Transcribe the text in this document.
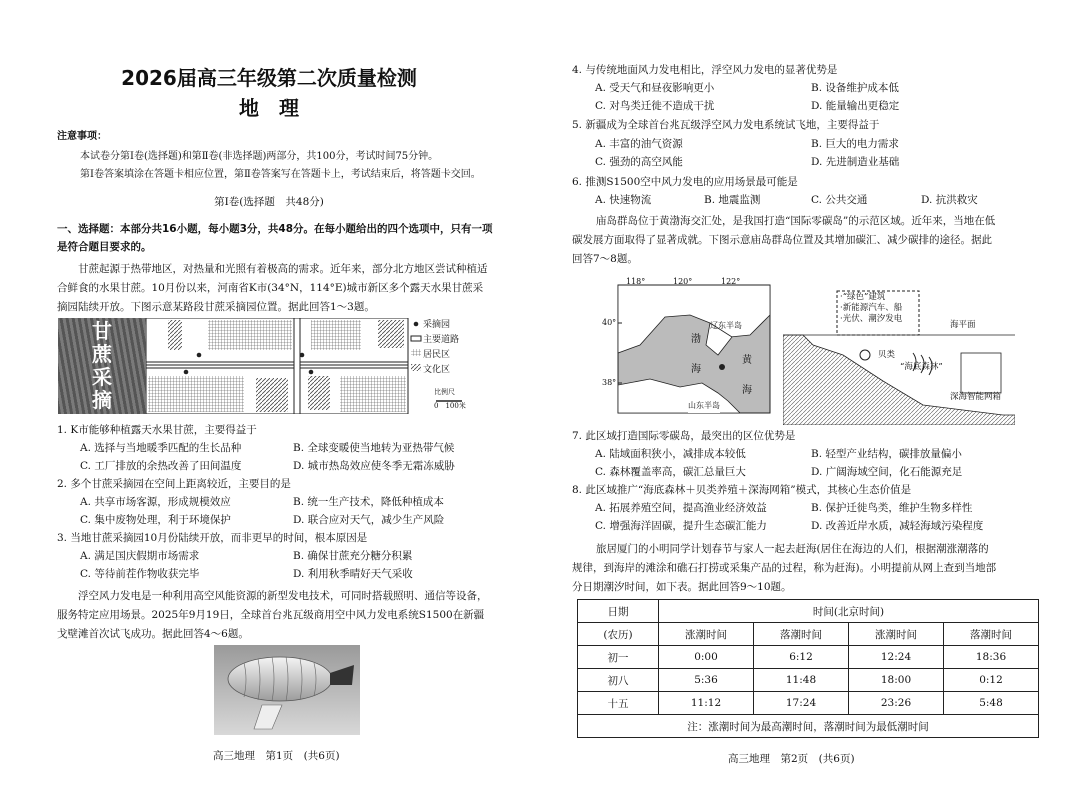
2026届高三年级第二次质量检测
地　理
注意事项：
本试卷分第Ⅰ卷(选择题)和第Ⅱ卷(非选择题)两部分，共100分，考试时间75分钟。
第Ⅰ卷答案填涂在答题卡相应位置，第Ⅱ卷答案写在答题卡上，考试结束后，将答题卡交回。
第Ⅰ卷(选择题　共48分)
一、选择题：本部分共16小题，每小题3分，共48分。在每小题给出的四个选项中，只有一项
是符合题目要求的。
甘蔗起源于热带地区，对热量和光照有着极高的需求。近年来，部分北方地区尝试种植适
合鲜食的水果甘蔗。10月份以来，河南省K市(34°N，114°E)城市新区多个露天水果甘蔗采
摘园陆续开放。下图示意某路段甘蔗采摘园位置。据此回答1～3题。
甘
蔗
采
摘
采摘园
主要道路
居民区
文化区
比例尺
0　100米
1. K市能够种植露天水果甘蔗，主要得益于
A. 选择与当地暖季匹配的生长品种	B. 全球变暖使当地转为亚热带气候
C. 工厂排放的余热改善了田间温度	D. 城市热岛效应使冬季无霜冻威胁
2. 多个甘蔗采摘园在空间上距离较近，主要目的是
A. 共享市场客源，形成规模效应	B. 统一生产技术，降低种植成本
C. 集中废物处理，利于环境保护	D. 联合应对天气，减少生产风险
3. 当地甘蔗采摘园10月份陆续开放，而非更早的时间，根本原因是
A. 满足国庆假期市场需求	B. 确保甘蔗充分糖分积累
C. 等待前茬作物收获完毕	D. 利用秋季晴好天气采收
浮空风力发电是一种利用高空风能资源的新型发电技术，可同时搭载照明、通信等设备，
服务特定应用场景。2025年9月19日，全球首台兆瓦级商用空中风力发电系统S1500在新疆
戈壁滩首次试飞成功。据此回答4～6题。
高三地理　第1页　(共6页)
4. 与传统地面风力发电相比，浮空风力发电的显著优势是
A. 受天气和昼夜影响更小	B. 设备维护成本低
C. 对鸟类迁徙不造成干扰	D. 能量输出更稳定
5. 新疆成为全球首台兆瓦级浮空风力发电系统试飞地，主要得益于
A. 丰富的油气资源	B. 巨大的电力需求
C. 强劲的高空风能	D. 先进制造业基础
6. 推测S1500空中风力发电的应用场景最可能是
A. 快速物流	B. 地震监测	C. 公共交通	D. 抗洪救灾
庙岛群岛位于黄渤海交汇处，是我国打造“国际零碳岛”的示范区域。近年来，当地在低
碳发展方面取得了显著成就。下图示意庙岛群岛位置及其增加碳汇、减少碳排的途径。据此
回答7～8题。
118°	120°	122°
40°
38°
辽东半岛
渤
海
黄
海
山东半岛
·“绿色”建筑
·新能源汽车、船
·光伏、潮汐发电
海平面
贝类
“海底森林”
深海智能网箱
7. 此区域打造国际零碳岛，最突出的区位优势是
A. 陆域面积狭小，减排成本较低	B. 轻型产业结构，碳排放量偏小
C. 森林覆盖率高，碳汇总量巨大	D. 广阔海域空间，化石能源充足
8. 此区域推广“海底森林＋贝类养殖＋深海网箱”模式，其核心生态价值是
A. 拓展养殖空间，提高渔业经济效益	B. 保护迁徙鸟类，维护生物多样性
C. 增强海洋固碳，提升生态碳汇能力	D. 改善近岸水质，减轻海域污染程度
旅居厦门的小明同学计划春节与家人一起去赶海(居住在海边的人们，根据潮涨潮落的
规律，到海岸的滩涂和礁石打捞或采集产品的过程，称为赶海)。小明提前从网上查到当地部
分日期潮汐时间，如下表。据此回答9～10题。
高三地理　第2页　(共6页)
日期	时间(北京时间)			
(农历)	涨潮时间	落潮时间	涨潮时间	落潮时间
初一	0:00	6:12	12:24	18:36
初八	5:36	11:48	18:00	0:12
十五	11:12	17:24	23:26	5:48
注：涨潮时间为最高潮时间，落潮时间为最低潮时间				
